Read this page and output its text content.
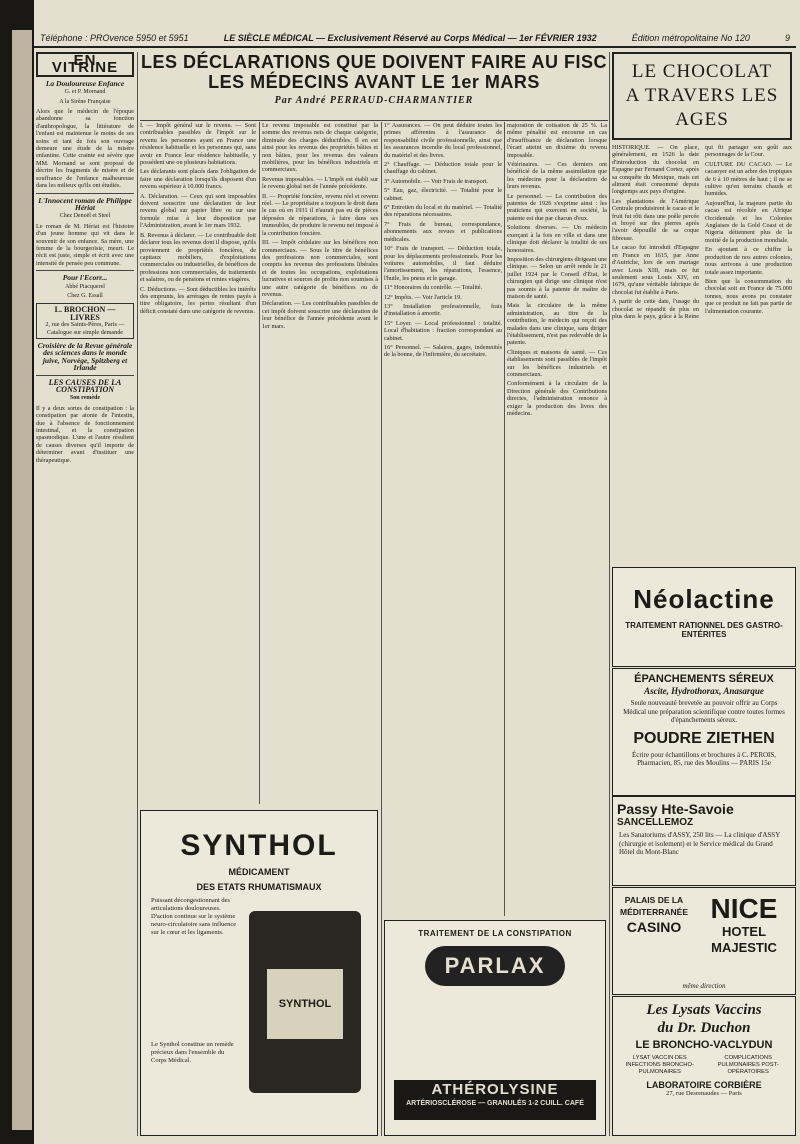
Téléphone : PROvence 5950 et 5951	LE SIÈCLE MÉDICAL — Exclusivement Réservé au Corps Médical — 1er FÉVRIER 1932	Édition métropolitaine No 120	9
EN VITRINE
La Douloureuse Enfance
G. et P. Mornand
A la Sirène Française

Alors que le médecin de l'époque abandonne sa fonction d'anthropologue, la littérature de l'enfant est maintenue le moins de ses soins et tant de fois son ouvrage demeure une étude de la misère enfantine. Cette crainte est sévère que MM. Mornand se sont proposé de décrire les fragments de misère et de souffrance de l'enfance malheureuse dans les milieux qu'ils ont étudiés.

L'Innocent roman de Philippe Hériat
Chez Denoël et Steel

Le roman de M. Hériat est l'histoire d'un jeune homme qui vit dans le souvenir de son enfance. Sa mère, une femme de la bourgeoisie, meurt. Le récit est juste, simple et écrit avec une intensité de pensée peu commune.

Pour l'Ecorr...
Abbé Piacquerel
Chez G. Essall
L. BROCHON — LIVRES
2, rue des Saints-Pères, Paris — Catalogue sur simple demande
Croisière de la Revue générale des sciences dans le monde juive, Norvège, Spitzberg et Irlande
LES CAUSES DE LA CONSTIPATION
Son remède

Il y a deux sortes de constipation : la constipation par atonie de l'intestin, due à l'absence de fonctionnement intestinal, et la constipation spasmodique. L'une et l'autre résultent de causes diverses qu'il importe de déterminer avant d'instituer une thérapeutique.

LES DÉCLARATIONS QUE DOIVENT FAIRE AU FISC
LES MÉDECINS AVANT LE 1er MARS
Par André PERRAUD-CHARMANTIER

I. — Impôt général sur le revenu. — Sont contribuables passibles de l'impôt sur le revenu les personnes ayant en France une résidence habituelle et les personnes qui, sans avoir en France leur résidence habituelle, y possèdent une ou plusieurs habitations.

Les déclarants sont placés dans l'obligation de faire une déclaration lorsqu'ils disposent d'un revenu supérieur à 10.000 francs.

A. Déclaration. — Ceux qui sont imposables doivent souscrire une déclaration de leur revenu global sur papier libre ou sur une formule mise à leur disposition par l'Administration, avant le 1er mars 1932.

B. Revenus à déclarer. — Le contribuable doit déclarer tous les revenus dont il dispose, qu'ils proviennent de propriétés foncières, de capitaux mobiliers, d'exploitations commerciales ou industrielles, de bénéfices de professions non commerciales, de traitements et salaires, ou de pensions et rentes viagères.

C. Déductions. — Sont déductibles les intérêts des emprunts, les arrérages de rentes payés à titre obligatoire, les pertes résultant d'un déficit constaté dans une catégorie de revenus.

Le revenu imposable est constitué par la somme des revenus nets de chaque catégorie, diminuée des charges déductibles. Il en est ainsi pour les revenus des propriétés bâties et non bâties, pour les revenus des valeurs mobilières, pour les bénéfices industriels et commerciaux.

Revenus imposables. — L'impôt est établi sur le revenu global net de l'année précédente.

II. — Propriété foncière, revenu réel et revenu réel. — Le propriétaire a toujours le droit dans le cas où en 1931 il n'aurait pas eu de pièces déposées de réparations, à faire dans ses immeubles, de produire le revenu net imposé à la contribution foncière.

III. — Impôt cédulaire sur les bénéfices non commerciaux. — Sous le titre de bénéfices des professions non commerciales, sont compris les revenus des professions libérales et de toutes les occupations, exploitations lucratives et sources de profits non soumises à une autre catégorie de bénéfices ou de revenus.

Déclaration. — Les contribuables passibles de cet impôt doivent souscrire une déclaration de leur bénéfice de l'année précédente avant le 1er mars.

1° Assurances. — On peut déduire toutes les primes afférentes à l'assurance de responsabilité civile professionnelle, ainsi que les assurances incendie du local professionnel, du matériel et des livres.

2° Chauffage. — Déduction totale pour le chauffage du cabinet.

3° Automobile. — Voir Frais de transport.

5° Eau, gaz, électricité. — Totalité pour le cabinet.

6° Entretien du local et du matériel. — Totalité des réparations nécessaires.

7° Frais de bureau, correspondance, abonnements aux revues et publications médicales.

10° Frais de transport. — Déduction totale, pour les déplacements professionnels. Pour les voitures automobiles, il faut déduire l'amortissement, les réparations, l'essence, l'huile, les pneus et le garage.

11° Honoraires du contrôle. — Totalité.

12° Impôts. — Voir l'article 19.

13° Installation professionnelle, frais d'installation à amortir.

15° Loyer. — Local professionnel : totalité. Local d'habitation : fraction correspondant au cabinet.

16° Personnel. — Salaires, gages, indemnités de la bonne, de l'infirmière, du secrétaire.

majoration de cotisation de 25 %. La même pénalité est encourue en cas d'insuffisance de déclaration lorsque l'écart atteint un dixième du revenu imposable.

Vétérinaires. — Ces derniers ont bénéficié de la même assimilation que les médecins pour la déclaration de leurs revenus.

Le personnel. — La contribution des patentes de 1926 s'exprime ainsi : les praticiens qui exercent en société, la patente est due par chacun d'eux.

Solutions diverses. — Un médecin exerçant à la fois en ville et dans une clinique doit déclarer la totalité de ses honoraires.

Imposition des chirurgiens dirigeant une clinique. — Selon un arrêt rendu le 21 juillet 1924 par le Conseil d'État, le chirurgien qui dirige une clinique n'est pas soumis à la patente de maître de maison de santé.

Mais la circulaire de la même administration, au titre de la contribution, le médecin qui reçoit des malades dans une clinique, sans diriger l'établissement, n'est pas redevable de la patente.

Cliniques et maisons de santé. — Ces établissements sont passibles de l'impôt sur les bénéfices industriels et commerciaux.

Conformément à la circulaire de la Direction générale des Contributions directes, l'administration renonce à exiger la production des livres des médecins.

LE CHOCOLAT
A TRAVERS LES AGES

HISTORIQUE. — On place, généralement, en 1526 la date d'introduction du chocolat en Espagne par Fernand Cortez, après sa conquête du Mexique, mais cet aliment était consommé depuis longtemps aux pays d'origine.

Les plantations de l'Amérique Centrale produisirent le cacao et le fruit fut rôti dans une poêle percée et broyé sur des pierres après l'avoir dépouillé de sa coque fibreuse.

Le cacao fut introduit d'Espagne en France en 1615, par Anne d'Autriche, lors de son mariage avec Louis XIII, mais ce fut seulement sous Louis XIV, en 1679, qu'une véritable fabrique de chocolat fut établie à Paris.

A partir de cette date, l'usage du chocolat se répandit de plus en plus dans le pays, grâce à la Reine qui fit partager son goût aux personnages de la Cour.

CULTURE DU CACAO. — Le cacaoyer est un arbre des tropiques de 6 à 10 mètres de haut ; il ne se cultive qu'en terrains chauds et humides.

Aujourd'hui, la majeure partie du cacao est récoltée en Afrique Occidentale et les Colonies Anglaises de la Gold Coast et de Nigeria détiennent plus de la moitié de la production mondiale.

En ajoutant à ce chiffre la production de nos autres colonies, nous arrivons à une production totale assez importante.

Bien que la consommation du chocolat soit en France de 75.000 tonnes, nous avons pu constater que ce produit ne fait pas partie de l'alimentation courante.

SYNTHOL
MÉDICAMENT
DES ETATS RHUMATISMAUX
Puissant décongestionnant des articulations douloureuses. D'action continue sur le système neuro-circulatoire sans influence sur le cœur et les ligaments.
SYNTHOL
Le Synthol constitue un remède précieux dans l'ensemble du Corps Médical.
TRAITEMENT DE LA CONSTIPATION
PARLAX
ATHÉROLYSINE
ARTÉRIOSCLÉROSE — GRANULÉS 1-2 CUILL. CAFÉ
Néolactine
TRAITEMENT RATIONNEL DES GASTRO-ENTÉRITES
ÉPANCHEMENTS SÉREUX
Ascite, Hydrothorax, Anasarque
Seule nouveauté brevetée au pouvoir offrir au Corps Médical une préparation scientifique contre toutes formes d'épanchements séreux.
POUDRE ZIETHEN
Écrire pour échantillons et brochures à C. PEROIS, Pharmacien, 85, rue des Moulins — PARIS 15e
Passy Hte-Savoie
SANCELLEMOZ
Les Sanatoriums d'ASSY, 250 lits — La clinique d'ASSY (chirurgie et isolement) et le Service médical du Grand Hôtel du Mont-Blanc
PALAIS DE LA
MÉDITERRANÉE
CASINO
NICE
HOTEL MAJESTIC
même direction
Les Lysats Vaccins
du Dr. Duchon
LE BRONCHO-VACLYDUN
LYSAT VACCIN DES INFECTIONS BRONCHO-PULMONAIRES
COMPLICATIONS PULMONAIRES POST-OPÉRATOIRES
LABORATOIRE CORBIÈRE
27, rue Desrenaudes — Paris
